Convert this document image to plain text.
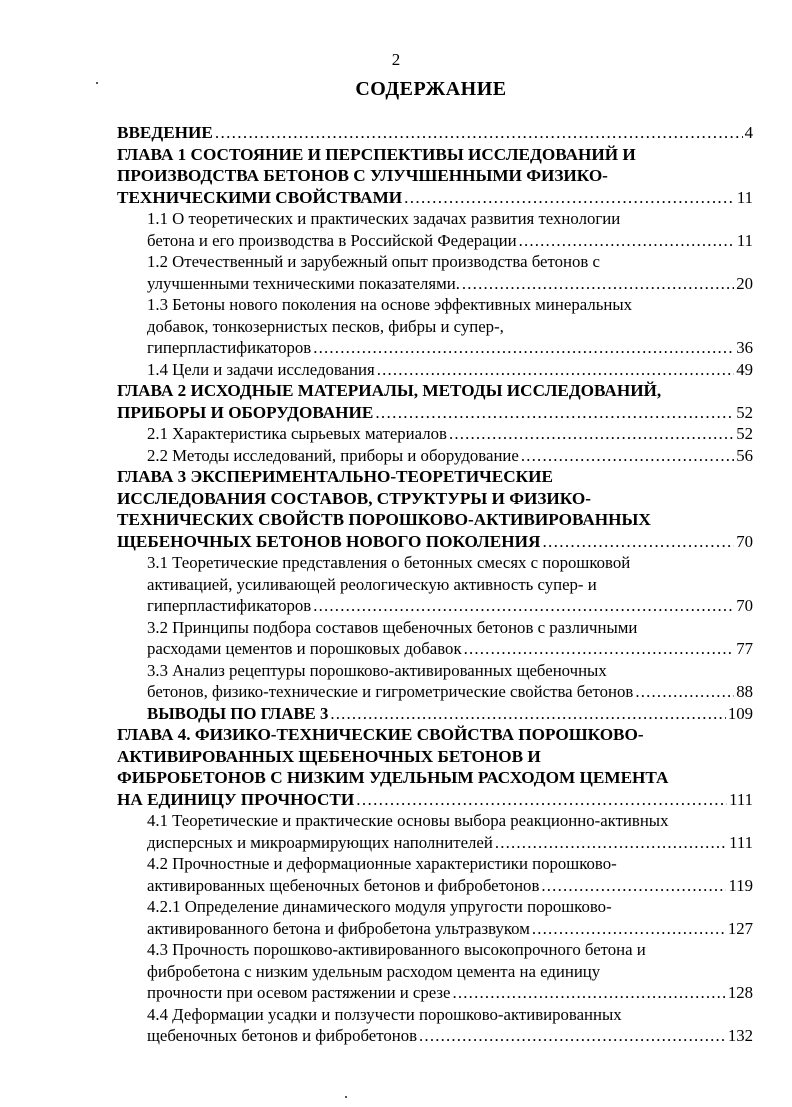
2
СОДЕРЖАНИЕ
ВВЕДЕНИЕ . . .	4
ГЛАВА 1 СОСТОЯНИЕ И ПЕРСПЕКТИВЫ ИССЛЕДОВАНИЙ И
ПРОИЗВОДСТВА БЕТОНОВ С УЛУЧШЕННЫМИ ФИЗИКО-
ТЕХНИЧЕСКИМИ СВОЙСТВАМИ . . .	11
1.1 О теоретических и практических задачах развития технологии
бетона и его производства в Российской Федерации . . .	11
1.2 Отечественный и зарубежный опыт производства бетонов с
улучшенными техническими показателями. . . .	20
1.3 Бетоны нового поколения на основе эффективных минеральных
добавок, тонкозернистых песков, фибры и супер-,
гиперпластификаторов . . .	36
1.4 Цели и задачи исследования . . .	49
ГЛАВА 2 ИСХОДНЫЕ МАТЕРИАЛЫ, МЕТОДЫ ИССЛЕДОВАНИЙ,
ПРИБОРЫ И ОБОРУДОВАНИЕ . . .	52
2.1 Характеристика сырьевых материалов . . .	52
2.2 Методы исследований, приборы и оборудование . . .	56
ГЛАВА 3 ЭКСПЕРИМЕНТАЛЬНО-ТЕОРЕТИЧЕСКИЕ
ИССЛЕДОВАНИЯ СОСТАВОВ, СТРУКТУРЫ И ФИЗИКО-
ТЕХНИЧЕСКИХ СВОЙСТВ ПОРОШКОВО-АКТИВИРОВАННЫХ
ЩЕБЕНОЧНЫХ БЕТОНОВ НОВОГО ПОКОЛЕНИЯ . . .	70
3.1 Теоретические представления о бетонных смесях с порошковой
активацией, усиливающей реологическую активность супер- и
гиперпластификаторов . . .	70
3.2 Принципы подбора составов щебеночных бетонов с различными
расходами цементов и порошковых добавок . . .	77
3.3 Анализ рецептуры порошково-активированных щебеночных
бетонов, физико-технические и гигрометрические свойства бетонов . . .	88
ВЫВОДЫ ПО ГЛАВЕ 3 . . .	109
ГЛАВА 4. ФИЗИКО-ТЕХНИЧЕСКИЕ СВОЙСТВА ПОРОШКОВО-
АКТИВИРОВАННЫХ ЩЕБЕНОЧНЫХ БЕТОНОВ И
ФИБРОБЕТОНОВ С НИЗКИМ УДЕЛЬНЫМ РАСХОДОМ ЦЕМЕНТА
НА ЕДИНИЦУ ПРОЧНОСТИ . . .	111
4.1 Теоретические и практические основы выбора реакционно-активных
дисперсных и микроармирующих наполнителей . . .	111
4.2 Прочностные и деформационные характеристики порошково-
активированных щебеночных бетонов и фибробетонов . . .	119
4.2.1 Определение динамического модуля упругости порошково-
активированного бетона и фибробетона ультразвуком . . .	127
4.3 Прочность порошково-активированного высокопрочного бетона и
фибробетона с низким удельным расходом цемента на единицу
прочности при осевом растяжении и срезе . . .	128
4.4 Деформации усадки и ползучести порошково-активированных
щебеночных бетонов и фибробетонов . . .	132
